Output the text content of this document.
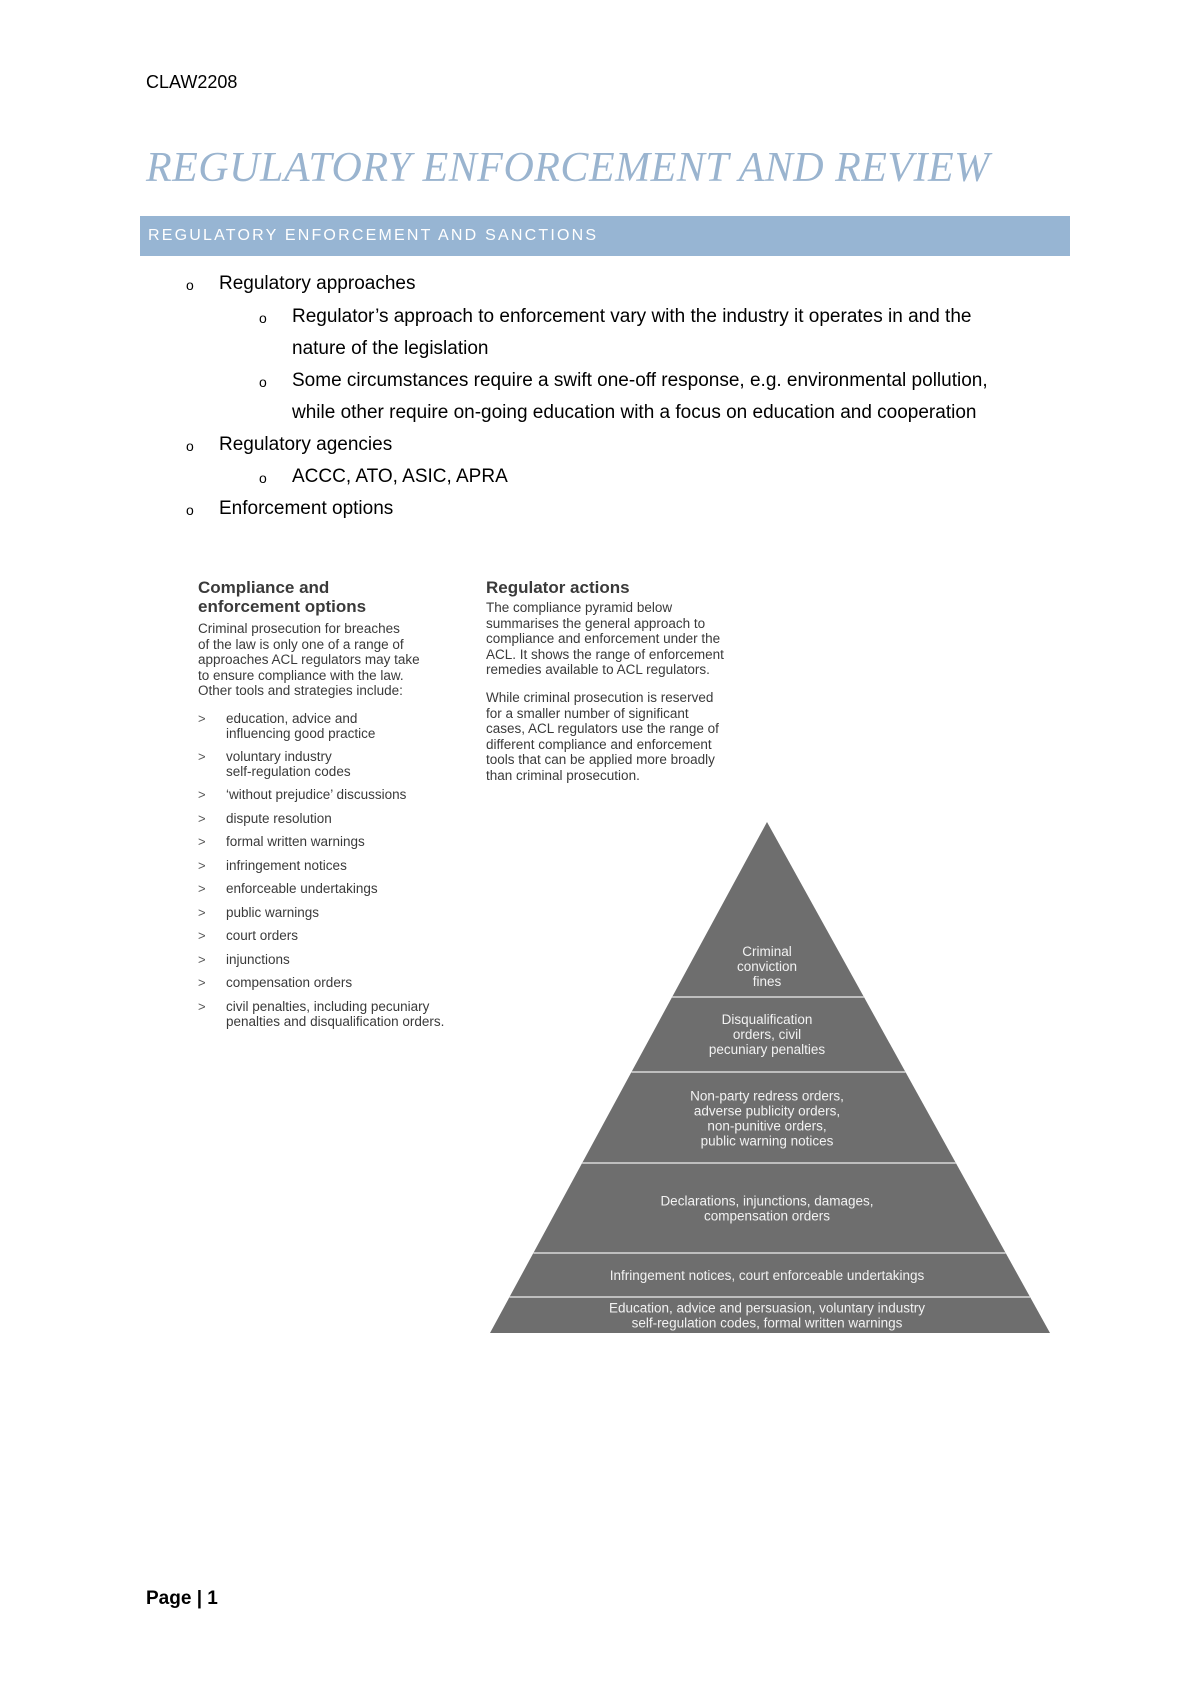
CLAW2208
REGULATORY ENFORCEMENT AND REVIEW
REGULATORY ENFORCEMENT AND SANCTIONS
o Regulatory approaches
o Regulator’s approach to enforcement vary with the industry it operates in and the
nature of the legislation
o Some circumstances require a swift one-off response, e.g. environmental pollution,
while other require on-going education with a focus on education and cooperation
o Regulatory agencies
o ACCC, ATO, ASIC, APRA
o Enforcement options
Compliance and
enforcement options
Criminal prosecution for breaches
of the law is only one of a range of
approaches ACL regulators may take
to ensure compliance with the law.
Other tools and strategies include:
> education, advice and
influencing good practice
> voluntary industry
self-regulation codes
> ‘without prejudice’ discussions
> dispute resolution
> formal written warnings
> infringement notices
> enforceable undertakings
> public warnings
> court orders
> injunctions
> compensation orders
> civil penalties, including pecuniary
penalties and disqualification orders.
Regulator actions
The compliance pyramid below
summarises the general approach to
compliance and enforcement under the
ACL. It shows the range of enforcement
remedies available to ACL regulators.
While criminal prosecution is reserved
for a smaller number of significant
cases, ACL regulators use the range of
different compliance and enforcement
tools that can be applied more broadly
than criminal prosecution.
Criminal
conviction
fines
Disqualification
orders, civil
pecuniary penalties
Non-party redress orders,
adverse publicity orders,
non-punitive orders,
public warning notices
Declarations, injunctions, damages,
compensation orders
Infringement notices, court enforceable undertakings
Education, advice and persuasion, voluntary industry
self-regulation codes, formal written warnings
Page | 1
